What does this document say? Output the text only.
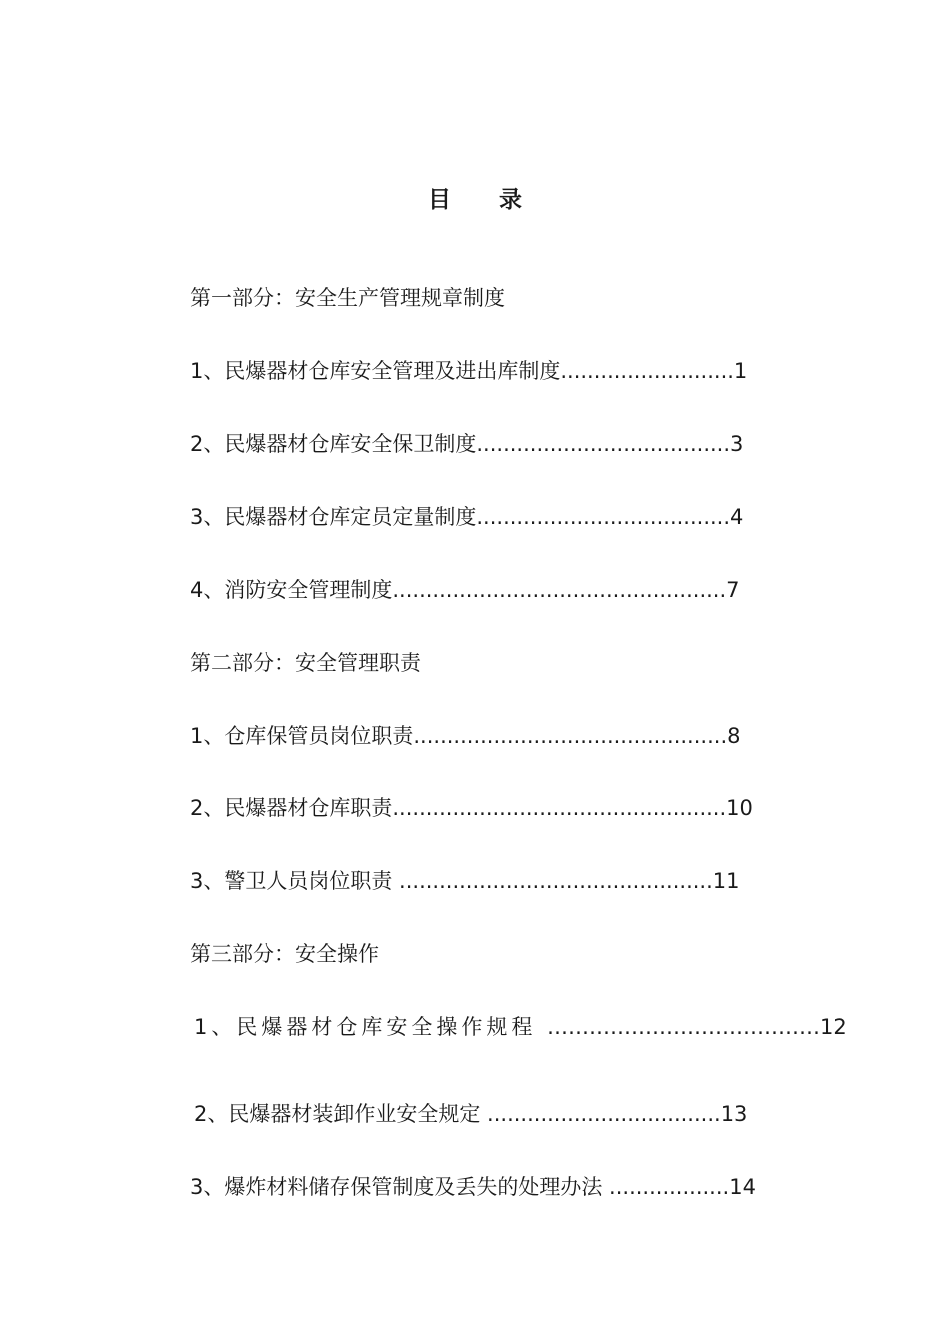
目 录
第一部分：安全生产管理规章制度
1、民爆器材仓库安全管理及进出库制度..........................1
2、民爆器材仓库安全保卫制度......................................3
3、民爆器材仓库定员定量制度......................................4
4、消防安全管理制度..................................................7
第二部分：安全管理职责
1、仓库保管员岗位职责...............................................8
2、民爆器材仓库职责..................................................10
3、警卫人员岗位职责 ...............................................11
第三部分：安全操作
1、民爆器材仓库安全操作规程 …………………………………12
2、民爆器材装卸作业安全规定 ...................................13
3、爆炸材料储存保管制度及丢失的处理办法 ..................14
